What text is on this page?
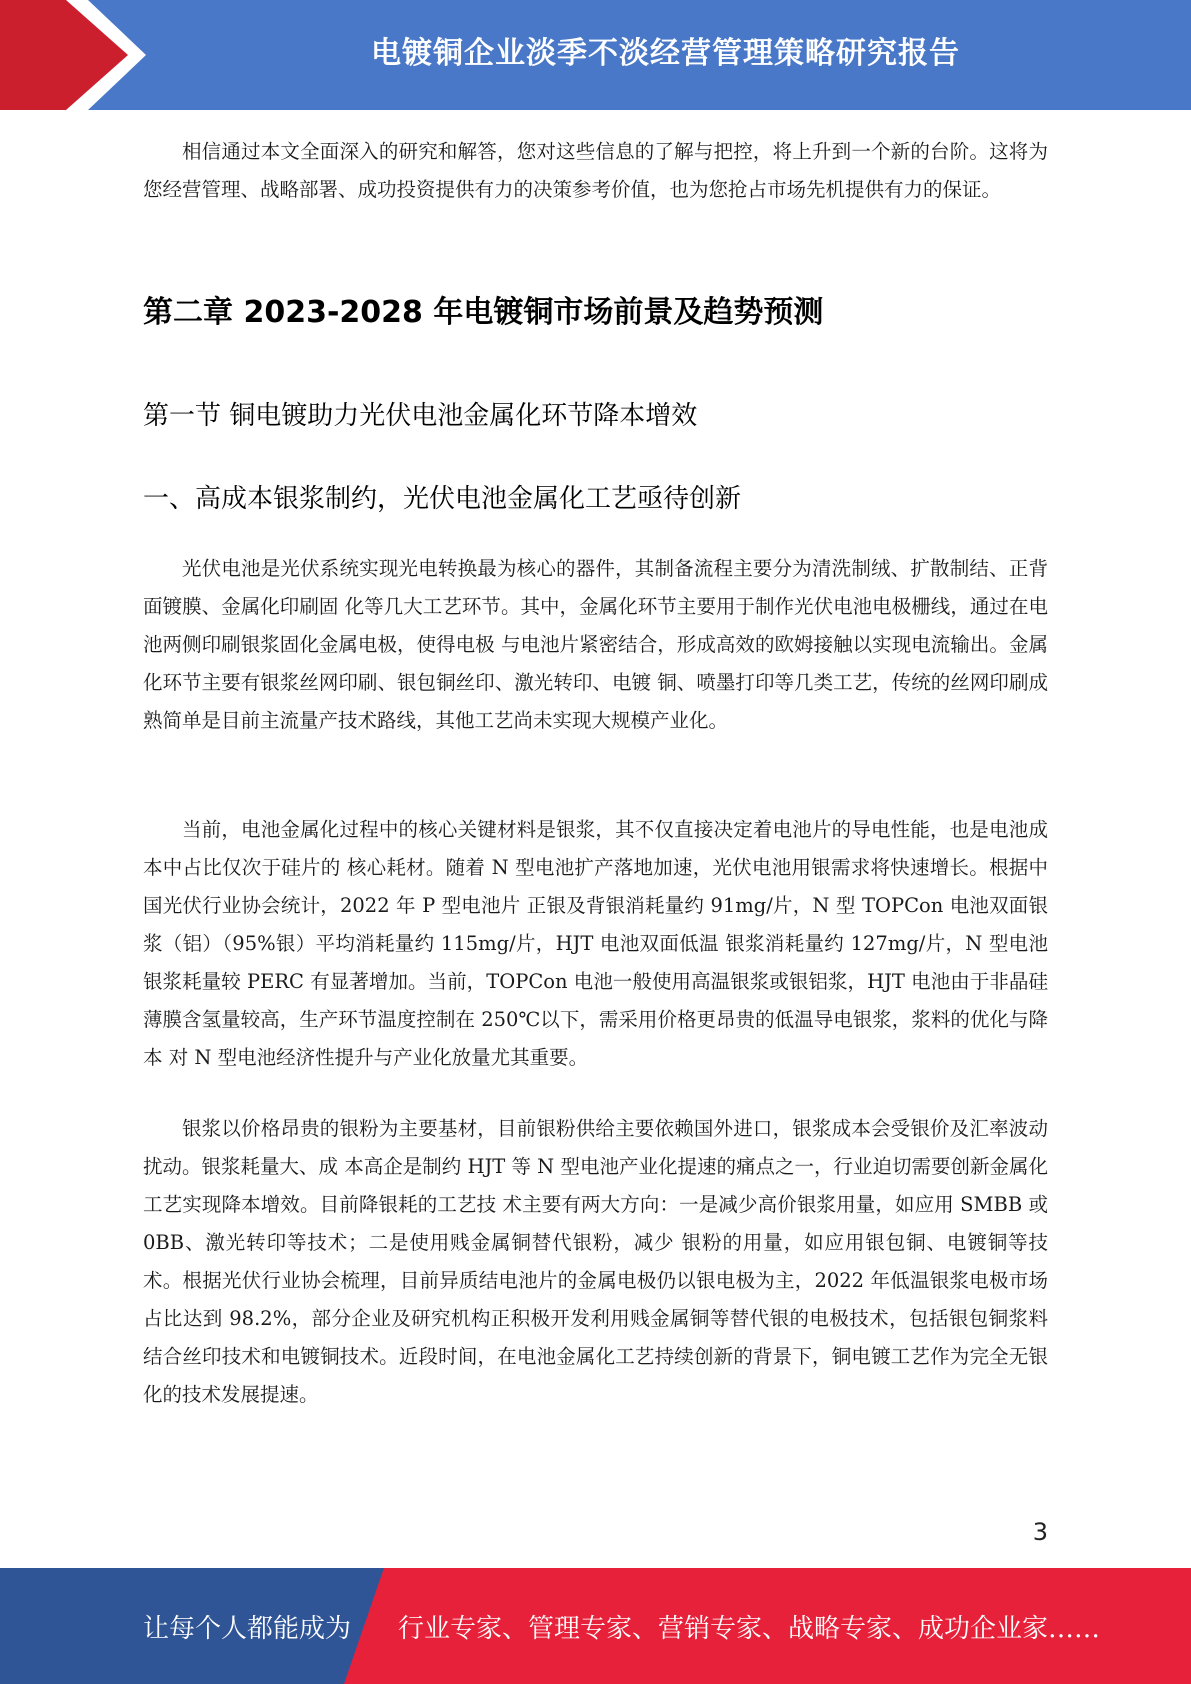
电镀铜企业淡季不淡经营管理策略研究报告

相信通过本文全面深入的研究和解答，您对这些信息的了解与把控，将上升到一个新的台阶。这将为您经营管理、战略部署、成功投资提供有力的决策参考价值，也为您抢占市场先机提供有力的保证。

第二章 2023-2028 年电镀铜市场前景及趋势预测
第一节 铜电镀助力光伏电池金属化环节降本增效
一、高成本银浆制约，光伏电池金属化工艺亟待创新

光伏电池是光伏系统实现光电转换最为核心的器件，其制备流程主要分为清洗制绒、扩散制结、正背面镀膜、金属化印刷固 化等几大工艺环节。其中，金属化环节主要用于制作光伏电池电极栅线，通过在电池两侧印刷银浆固化金属电极，使得电极 与电池片紧密结合，形成高效的欧姆接触以实现电流输出。金属化环节主要有银浆丝网印刷、银包铜丝印、激光转印、电镀 铜、喷墨打印等几类工艺，传统的丝网印刷成熟简单是目前主流量产技术路线，其他工艺尚未实现大规模产业化。

当前，电池金属化过程中的核心关键材料是银浆，其不仅直接决定着电池片的导电性能，也是电池成本中占比仅次于硅片的 核心耗材。随着 N 型电池扩产落地加速，光伏电池用银需求将快速增长。根据中国光伏行业协会统计，2022 年 P 型电池片 正银及背银消耗量约 91mg/片，N 型 TOPCon 电池双面银浆（铝）（95%银）平均消耗量约 115mg/片，HJT 电池双面低温 银浆消耗量约 127mg/片，N 型电池银浆耗量较 PERC 有显著增加。当前，TOPCon 电池一般使用高温银浆或银铝浆，HJT 电池由于非晶硅薄膜含氢量较高，生产环节温度控制在 250℃以下，需采用价格更昂贵的低温导电银浆，浆料的优化与降本 对 N 型电池经济性提升与产业化放量尤其重要。

银浆以价格昂贵的银粉为主要基材，目前银粉供给主要依赖国外进口，银浆成本会受银价及汇率波动扰动。银浆耗量大、成 本高企是制约 HJT 等 N 型电池产业化提速的痛点之一，行业迫切需要创新金属化工艺实现降本增效。目前降银耗的工艺技 术主要有两大方向：一是减少高价银浆用量，如应用 SMBB 或 0BB、激光转印等技术；二是使用贱金属铜替代银粉，减少 银粉的用量，如应用银包铜、电镀铜等技术。根据光伏行业协会梳理，目前异质结电池片的金属电极仍以银电极为主，2022 年低温银浆电极市场占比达到 98.2%，部分企业及研究机构正积极开发利用贱金属铜等替代银的电极技术，包括银包铜浆料 结合丝印技术和电镀铜技术。近段时间，在电池金属化工艺持续创新的背景下，铜电镀工艺作为完全无银化的技术发展提速。

3
让每个人都能成为 行业专家、管理专家、营销专家、战略专家、成功企业家……
